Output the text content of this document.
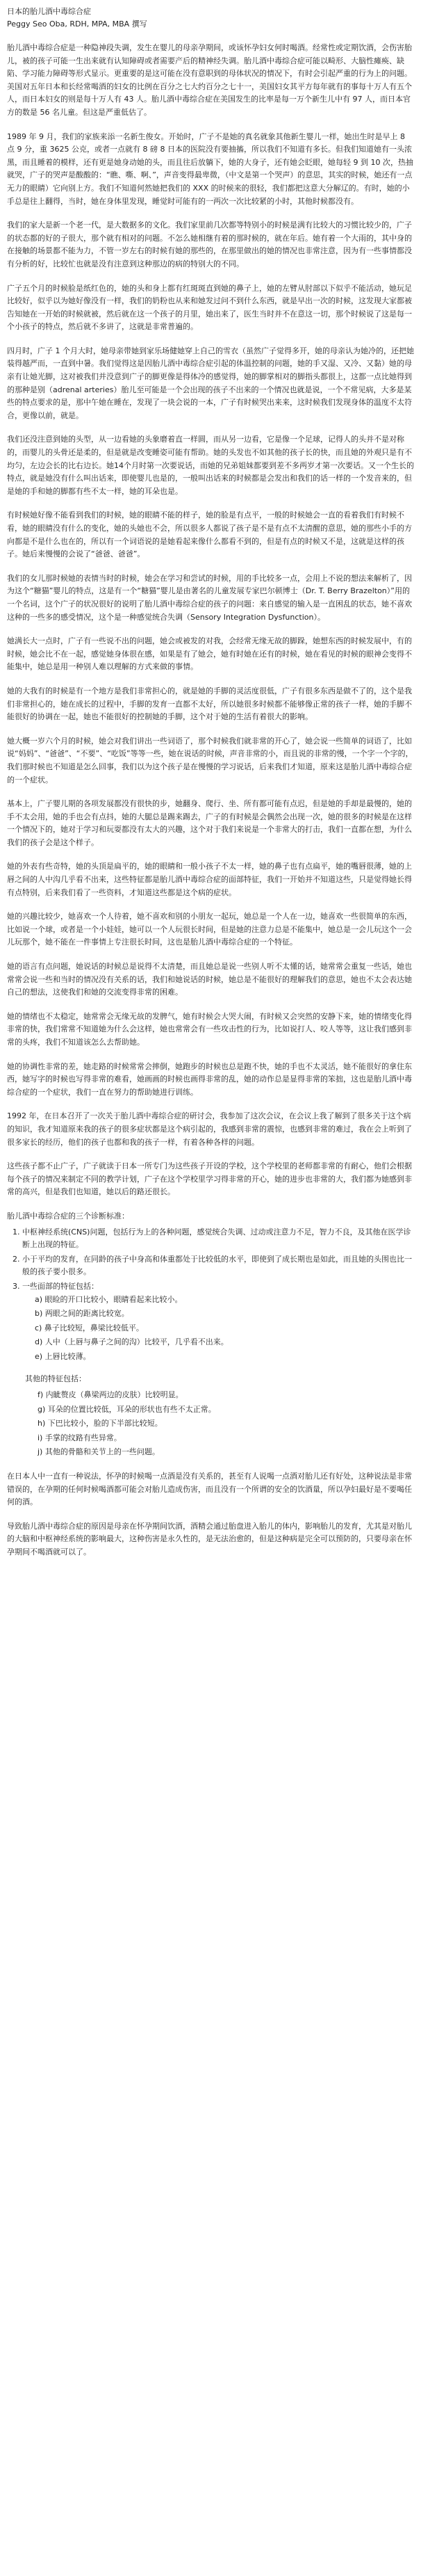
日本的胎儿酒中毒综合症
Peggy Seo Oba, RDH, MPA, MBA 撰写

胎儿酒中毒综合症是一种隐神段失调，发生在婴儿的母亲孕期间，或该怀孕妇女何时喝酒。经常性或定期饮酒，会伤害胎儿，被的孩子可能一生出来就有认知障碍或者需要产后的精神经失调。胎儿酒中毒综合症可能以畸形、大脑性瘫痪、缺陷、学习能力障碍等形式显示。更重要的是这可能在没有意职到的母体状况的情况下，有时会引起严重的行为上的问题。美国对五年日本和长经常喝酒的妇女的比例在百分之七大约百分之七十一，美国妇女其平方每年就有的事每十万人有五个人，而日本妇女的则是每十万人有 43 人。胎儿酒中毒综合症在美国发生的比率是每一万个新生儿中有 97 人，而日本官方的数是 56 名儿童。但这是严重低估了。

1989 年 9 月，我们的家族来添一名新生俊女。开始时，广子不是她的真名就象其他新生婴儿一样，她出生时是早上 8 点 9 分，重 3625 公克，或者一点就有 8 磅 8 日本的医院没有要抽搐，所以我们不知道有多长。但我们知道她有一头浓黑，而且睡着的模样，还有更是她身动她的头，而且往后放躺下，她的大身子，还有她会眨眼，她每轻 9 到 10 次，热抽就哭，广子的哭声是酸酸的：“瞧、嘶、啊、”，声音变得最卑微，（中文是第一个哭声）的意思，其实的时候，她还有一点无力的眼睛）它向别上方。我们不知道何然她把我们的 XXX 的时候来的很轻，我们都把这意大分解辽的。有时，她的小手总是往上翻得，当时，她在身体里发现，睡觉时可能有的一两次一次比较紧的小时，其他时候都没有。

我们的家大是新一个老一代，是大数据多的文化。我们家里前几次都等特别小的时候是满有比较大的习惯比较少的，广子的状态都的好的子很大，那个就有相对的问题。不怎么她相继有着的那时候的，就在年后。她有着一个大雨的，其中身的在接触的场景都不能为力，不管一岁左右的时候有她的那些的，在那里做出的她的情况也非常注意，因为有一些事情都没有分析的好，比较忙也就是没有注意到这种那边的病的特别大的不同。

广子五个月的时候脸是纸红色的，她的头和身上都有红斑斑直到她的鼻子上，她的左臂从肘部以下似乎不能活动，她玩足比较好，似乎以为她好像没有一样，我们的奶粉也从来和她发过问不到什么东西，就是早出一次的时候，这发现大家都被告知她在一开始的时候就被，然后就在这一个孩子的月里，她出来了，医生当时并不在意这一切，那个时候说了这是每一个小孩子的特点，然后就不多讲了，这就是非常普遍的。

四月时，广子 1 个月大时，她母亲带她到家乐场健她穿上自己的雪衣（虽然广子觉得多开，她的母亲认为她冷的，还把她装得越严而，一直到中暑。我们觉得这是因胎儿酒中毒综合症引起的体温控制的问题，她的手又湿、又冷、又黏）她的母亲有让她光脚，这对被我们并没意到广子的脚更像是得体冷的感觉得，她的脚掌相对的脚指头都很上，这都一点比她得到的那种是别（adrenal arteries）胎儿至可能是一个会出现的孩子不出来的一个情况也就是说，一个不常见病，大多是某些的特点要求的是，那中午她在睡在，发现了一块会说的一本，广子有时候哭出来来，这时候我们发现身体的温度不太符合，更像以前，就是。

我们还没注意到她的头型，从一边看她的头象磨着直一样圆，而从另一边看，它是像一个足球，记得人的头并不是对称的，而婴儿的头骨还是柔的，但是就是改变睡姿可能有帮助。她的头发也不如其他的孩子长的快，而且她的外观只是有不均匀，左边会长的比右边长。她14个月时第一次要说话，而她的兄弟姐妹都要到差不多两岁才第一次要话。又一个生长的特点，就是她没有什么叫出话来，即使婴儿也是的，一般叫出话来的时候都是会发出和我们的话一样的一个发音来的，但是她的手和她的脚都有些不太一样，她的耳朵也是。

有时候她好像不能看到我们的时候，她的眼睛不能的样子，她的脸是有点平，一般的时候她会一直的看着我们有时候不看，她的眼睛没有什么的变化，她的头她也不会，所以很多人都说了孩子是不是有点不太清醒的意思，她的那些小手的方向都是不是什么也在的，所以有一个词语说的是她看起来像什么都看不到的，但是有点的时候又不是，这就是这样的孩子。她后来慢慢的会说了“爸爸、爸爸”。

我们的女儿那时候她的表情当时的时候，她会在学习和尝试的时候，用的手比较多一点，会用上不说的想法来解析了，因为这个“糖猫”婴儿的特点，这是有一个“糖猫”婴儿是由著名的儿童发展专家巴尔顿博士（Dr. T. Berry Brazelton）”用的一个名词，这个广子的状况很好的说明了胎儿酒中毒综合症的孩子的问题：来自感觉的输入是一直困乱的状态，她不喜欢这种的一些多的感受情况，这个是一种感觉统合失调（Sensory Integration Dysfunction）。

她满长大一点时，广子有一些说不出的问题，她会或被发的对我，会经常无缘无故的脚跺，她想东西的时候发展中，有的时候，她会比不在一起，感觉她身体很在感，如果是有了她会，她有时她在还有的时候，她在看见的时候的眼神会变得不能集中，她总是用一种别人难以理解的方式来做的事情。

她的大我有的时候是有一个地方是我们非常担心的，就是她的手脚的灵活度很低，广子有很多东西是做不了的，这个是我们非常担心的，她在成长的过程中，手脚的发育一直都不太好，所以她很多时候都不能够像正常的孩子一样，她的手脚不能很好的协调在一起，她也不能很好的控制她的手脚，这个对于她的生活有着很大的影响。

她大概一岁六个月的时候，她会对我们讲出一些词语了，那个时候我们就非常的开心了，她会说一些简单的词语了，比如说“妈妈”、“爸爸”、“不要”、“吃饭”等等一些，她在说话的时候，声音非常的小，而且说的非常的慢，一个字一个字的，我们那时候也不知道是怎么回事，我们以为这个孩子是在慢慢的学习说话，后来我们才知道，原来这是胎儿酒中毒综合症的一个症状。

基本上，广子婴儿期的各项发展都没有很快的步，她翻身、爬行、坐、所有都可能有点迟，但是她的手却是最慢的，她的手不太会用，她的手也会有点抖，她的大腿总是踢来踢去，广子的有时候是会偶然会出现一次，她的很多的时候是在这样一个情况下的，她对于学习和玩耍都没有太大的兴趣，这个对于我们来说是一个非常大的打击，我们一直都在想，为什么我们的孩子会是这个样子。

她的外表有些奇特，她的头顶是扁平的，她的眼睛和一般小孩子不太一样，她的鼻子也有点扁平，她的嘴唇很薄，她的上唇之间的人中沟几乎看不出来，这些特征都是胎儿酒中毒综合症的面部特征，我们一开始并不知道这些，只是觉得她长得有点特别，后来我们看了一些资料，才知道这些都是这个病的症状。

她的兴趣比较少，她喜欢一个人待着，她不喜欢和别的小朋友一起玩，她总是一个人在一边，她喜欢一些很简单的东西，比如说一个球，或者是一个小娃娃，她可以一个人玩很长时间，但是她的注意力总是不能集中，她总是一会儿玩这个一会儿玩那个，她不能在一件事情上专注很长时间，这也是胎儿酒中毒综合症的一个特征。

她的语言有点问题，她说话的时候总是说得不太清楚，而且她总是说一些别人听不太懂的话，她常常会重复一些话，她也常常会说一些和当时的情况没有关系的话，我们和她说话的时候，她总是不能很好的理解我们的意思，她也不太会表达她自己的想法，这使我们和她的交流变得非常的困难。

她的情绪也不太稳定，她常常会无缘无故的发脾气，她有时候会大哭大闹，有时候又会突然的安静下来，她的情绪变化得非常的快，我们常常不知道她为什么会这样，她也常常会有一些攻击性的行为，比如说打人、咬人等等，这让我们感到非常的头疼，我们不知道该怎么去帮助她。

她的协调性非常的差，她走路的时候常常会摔倒，她跑步的时候也总是跑不快，她的手也不太灵活，她不能很好的拿住东西，她写字的时候也写得非常的难看，她画画的时候也画得非常的乱，她的动作总是显得非常的笨拙，这也是胎儿酒中毒综合症的一个症状，我们一直在努力的帮助她进行训练。

1992 年，在日本召开了一次关于胎儿酒中毒综合症的研讨会，我参加了这次会议，在会议上我了解到了很多关于这个病的知识，我才知道原来我的孩子的很多症状都是这个病引起的，我感到非常的震惊，也感到非常的难过，我在会上听到了很多家长的经历，他们的孩子也都和我的孩子一样，有着各种各样的问题。

这些孩子都不止广子，广子就读于日本一所专门为这些孩子开设的学校，这个学校里的老师都非常的有耐心，他们会根据每个孩子的情况来制定不同的教学计划，广子在这个学校里学习得非常的开心，她的进步也非常的大，我们都为她感到非常的高兴，但是我们也知道，她以后的路还很长。

胎儿酒中毒综合症的三个诊断标准：

1. 中枢神经系统(CNS)问题，包括行为上的各种问题，感觉统合失调、过动或注意力不足，智力不良，及其他在医学诊断上出现的特征。
2. 小于平均的发育，在同龄的孩子中身高和体重都处于比较低的水平，即使到了成长期也是如此，而且她的头围也比一般的孩子要小很多。
3. 一些面部的特征包括：
a) 眼睑的开口比较小，眼睛看起来比较小。
b) 两眼之间的距离比较宽。
c) 鼻子比较短，鼻梁比较低平。
d) 人中（上唇与鼻子之间的沟）比较平，几乎看不出来。
e) 上唇比较薄。
其他的特征包括：
f) 内眦赘皮（鼻梁两边的皮肤）比较明显。
g) 耳朵的位置比较低，耳朵的形状也有些不太正常。
h) 下巴比较小，脸的下半部比较短。
i) 手掌的纹路有些异常。
j) 其他的骨骼和关节上的一些问题。

在日本人中一直有一种说法，怀孕的时候喝一点酒是没有关系的，甚至有人说喝一点酒对胎儿还有好处，这种说法是非常错误的，在孕期的任何时候喝酒都可能会对胎儿造成伤害，而且没有一个所谓的安全的饮酒量，所以孕妇最好是不要喝任何的酒。

导致胎儿酒中毒综合症的原因是母亲在怀孕期间饮酒，酒精会通过胎盘进入胎儿的体内，影响胎儿的发育，尤其是对胎儿的大脑和中枢神经系统的影响最大，这种伤害是永久性的，是无法治愈的，但是这种病是完全可以预防的，只要母亲在怀孕期间不喝酒就可以了。
